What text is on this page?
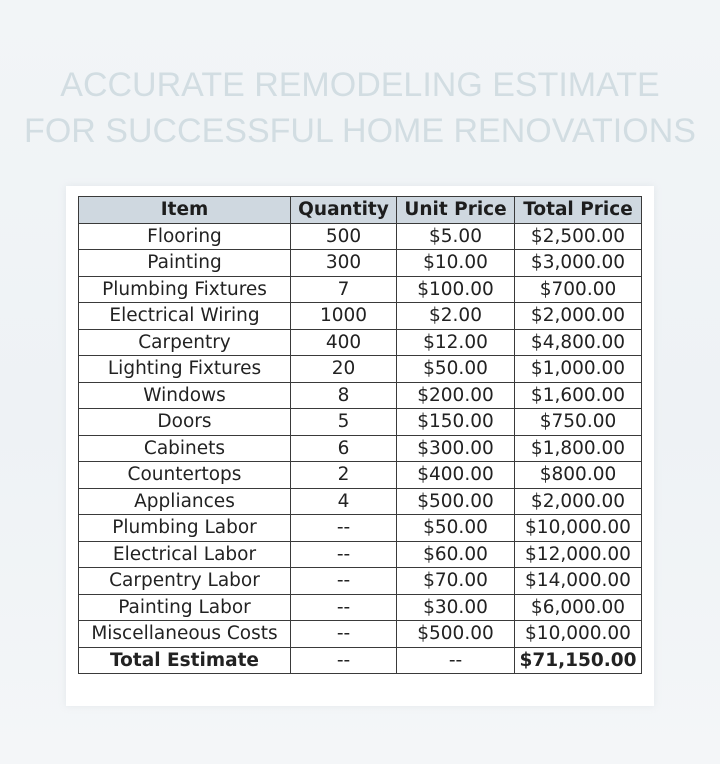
ACCURATE REMODELING ESTIMATE
FOR SUCCESSFUL HOME RENOVATIONS
Item	Quantity	Unit Price	Total Price
Flooring	500	$5.00	$2,500.00
Painting	300	$10.00	$3,000.00
Plumbing Fixtures	7	$100.00	$700.00
Electrical Wiring	1000	$2.00	$2,000.00
Carpentry	400	$12.00	$4,800.00
Lighting Fixtures	20	$50.00	$1,000.00
Windows	8	$200.00	$1,600.00
Doors	5	$150.00	$750.00
Cabinets	6	$300.00	$1,800.00
Countertops	2	$400.00	$800.00
Appliances	4	$500.00	$2,000.00
Plumbing Labor	--	$50.00	$10,000.00
Electrical Labor	--	$60.00	$12,000.00
Carpentry Labor	--	$70.00	$14,000.00
Painting Labor	--	$30.00	$6,000.00
Miscellaneous Costs	--	$500.00	$10,000.00
Total Estimate	--	--	$71,150.00
